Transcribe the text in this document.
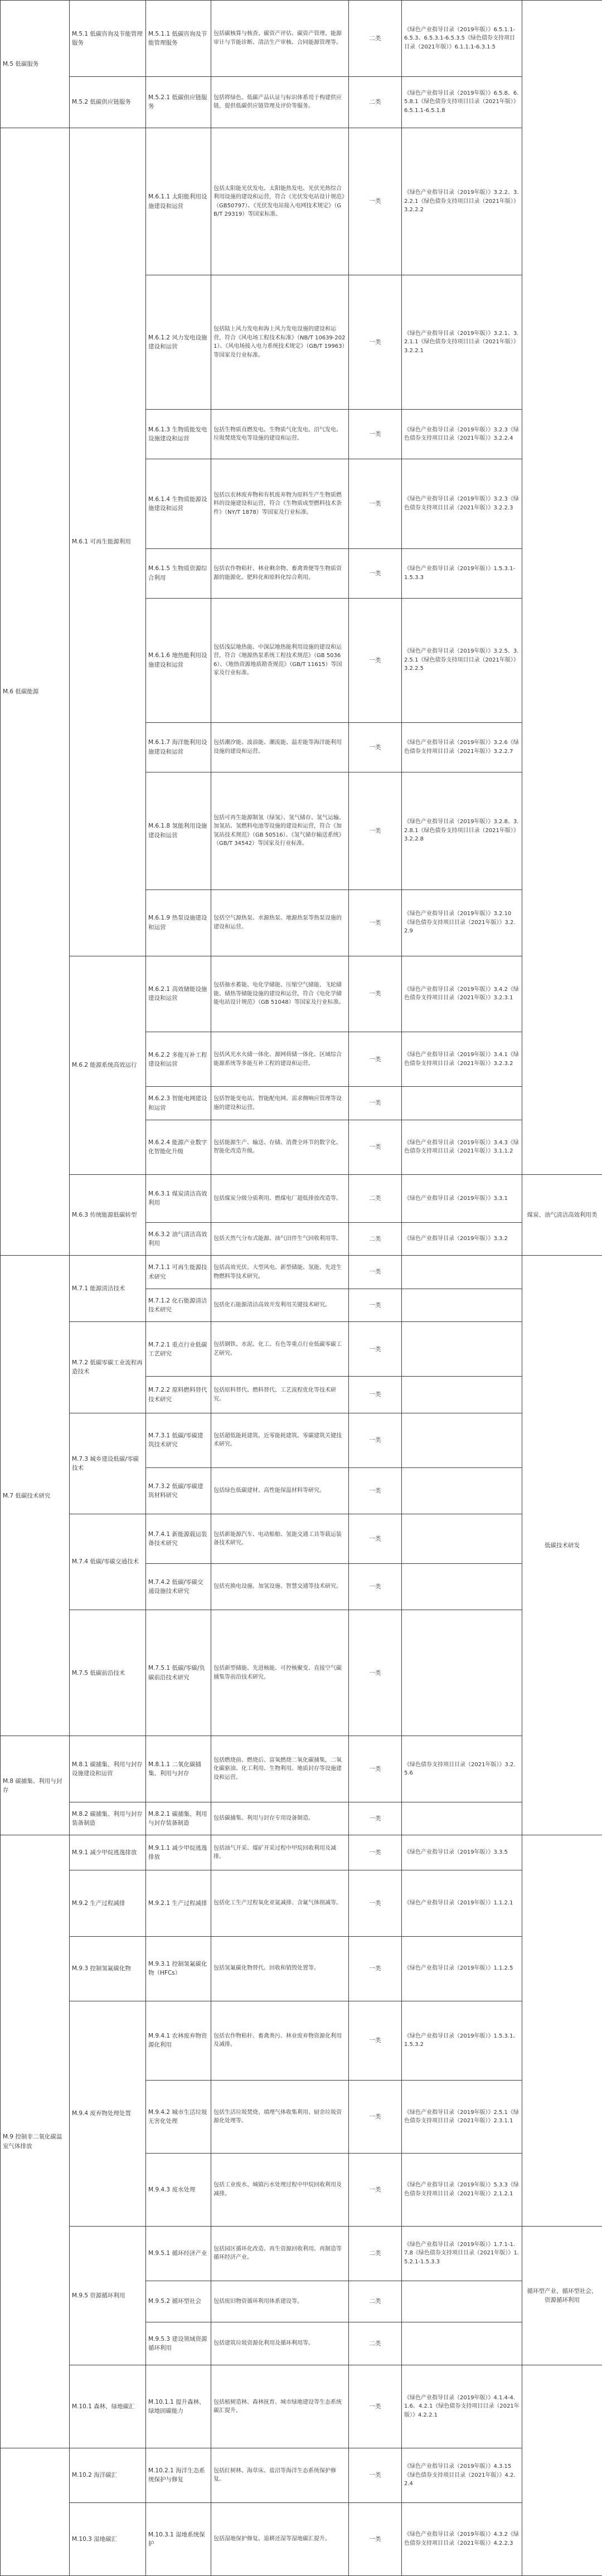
M.5 低碳服务	M.5.1 低碳咨询及节能管理服务	M.5.1.1 低碳咨询及节能管理服务	包括碳核算与核查、碳资产评估、碳资产管理、能源审计与节能诊断、清洁生产审核、合同能源管理等。	二类	《绿色产业指导目录（2019年版）》6.5.1.1-6.5.3、6.5.3.1-6.5.3.5《绿色债券支持项目目录（2021年版）》6.1.1.1-6.3.1.5	

	M.5.2 低碳供应链服务	M.5.2.1 低碳供应链服务	包括将绿色、低碳产品认证与标识体系用于构建供应链，提供低碳供应链管理及评价等服务。	二类	《绿色产业指导目录（2019年版）》6.5.8、6.5.8.1《绿色债券支持项目目录（2021年版）》6.5.1.1-6.5.1.8	

M.6 低碳能源	M.6.1 可再生能源利用	M.6.1.1 太阳能利用设施建设和运营	包括太阳能光伏发电、太阳能热发电、光伏光热综合利用设施的建设和运营，符合《光伏发电站设计规范》（GB50797）、《光伏发电站接入电网技术规定》（GB/T 29319）等国家标准。	一类	《绿色产业指导目录（2019年版）》3.2.2、3.2.2.1《绿色债券支持项目目录（2021年版）》3.2.2.2	

		M.6.1.2 风力发电设施建设和运营	包括陆上风力发电和海上风力发电设施的建设和运营，符合《风电场工程技术标准》（NB/T 10639-2021）、《风电场接入电力系统技术规定》（GB/T 19963）等国家及行业标准。	一类	《绿色产业指导目录（2019年版）》3.2.1、3.2.1.1《绿色债券支持项目目录（2021年版）》3.2.2.1	

		M.6.1.3 生物质能发电设施建设和运营	包括生物质直燃发电、生物质气化发电、沼气发电、垃圾焚烧发电等设施的建设和运营。	一类	《绿色产业指导目录（2019年版）》3.2.3《绿色债券支持项目目录（2021年版）》3.2.2.4	

		M.6.1.4 生物质能源设施建设和运营	包括以农林废弃物和有机废弃物为原料生产生物质燃料的设施建设和运营，符合《生物质成型燃料技术条件》（NY/T 1878）等国家及行业标准。	一类	《绿色产业指导目录（2019年版）》3.2.3《绿色债券支持项目目录（2021年版）》3.2.2.3	

		M.6.1.5 生物质资源综合利用	包括农作物秸秆、林业剩余物、畜禽粪便等生物质资源的能源化、肥料化和原料化综合利用。	一类	《绿色产业指导目录（2019年版）》1.5.3.1-1.5.3.3	

		M.6.1.6 地热能利用设施建设和运营	包括浅层地热能、中深层地热能利用设施的建设和运营，符合《地源热泵系统工程技术规范》（GB 50366）、《地热资源地质勘查规范》（GB/T 11615）等国家及行业标准。	一类	《绿色产业指导目录（2019年版）》3.2.5、3.2.5.1《绿色债券支持项目目录（2021年版）》3.2.2.5	

		M.6.1.7 海洋能利用设施建设和运营	包括潮汐能、波浪能、潮流能、温差能等海洋能利用设施的建设和运营。	一类	《绿色产业指导目录（2019年版）》3.2.6《绿色债券支持项目目录（2021年版）》3.2.2.7	

		M.6.1.8 氢能利用设施建设和运营	包括可再生能源制氢（绿氢）、氢气储存、氢气运输、加氢站、氢燃料电池等设施的建设和运营，符合《加氢站技术规范》（GB 50516）、《氢气储存输送系统》（GB/T 34542）等国家及行业标准。	一类	《绿色产业指导目录（2019年版）》3.2.8、3.2.8.1《绿色债券支持项目目录（2021年版）》3.2.2.8	

		M.6.1.9 热泵设施建设和运营	包括空气源热泵、水源热泵、地源热泵等热泵设施的建设和运营。	一类	《绿色产业指导目录（2019年版）》3.2.10《绿色债券支持项目目录（2021年版）》3.2.2.9	

	M.6.2 能源系统高效运行	M.6.2.1 高效储能设施建设和运营	包括抽水蓄能、电化学储能、压缩空气储能、飞轮储能、储热等储能设施的建设和运营，符合《电化学储能电站设计规范》（GB 51048）等国家及行业标准。	一类	《绿色产业指导目录（2019年版）》3.4.2《绿色债券支持项目目录（2021年版）》3.2.3.1	

		M.6.2.2 多能互补工程建设和运营	包括风光水火储一体化、源网荷储一体化、区域综合能源系统等多能互补工程的建设和运营。	一类	《绿色产业指导目录（2019年版）》3.4.1《绿色债券支持项目目录（2021年版）》3.2.3.2	

		M.6.2.3 智能电网建设和运营	包括智能变电站、智能配电网、需求侧响应管理等设施的建设和运营。	一类		

		M.6.2.4 能源产业数字化智能化升级	包括能源生产、输送、存储、消费全环节的数字化、智能化改造升级。	一类	《绿色产业指导目录（2019年版）》3.4.3《绿色债券支持项目目录（2021年版）》3.1.1.2	

	M.6.3 传统能源低碳转型	M.6.3.1 煤炭清洁高效利用	包括煤炭分级分质利用、燃煤电厂超低排放改造等。	二类	《绿色产业指导目录（2019年版）》3.3.1	煤炭、油气清洁高效利用类

		M.6.3.2 油气清洁高效利用	包括天然气分布式能源、油气田伴生气回收利用等。	二类	《绿色产业指导目录（2019年版）》3.3.2	

M.7 低碳技术研究	M.7.1 能源清洁技术	M.7.1.1 可再生能源技术研究	包括高效光伏、大型风电、新型储能、氢能、先进生物燃料等技术研究。	一类		低碳技术研发

		M.7.1.2 化石能源清洁技术研究	包括化石能源清洁高效开发利用关键技术研究。	一类		

	M.7.2 低碳零碳工业流程再造技术	M.7.2.1 重点行业低碳工艺研究	包括钢铁、水泥、化工、有色等重点行业低碳零碳工艺研究。	一类		

		M.7.2.2 原料燃料替代技术研究	包括原料替代、燃料替代、工艺流程优化等技术研究。	一类		

	M.7.3 城乡建设低碳/零碳技术	M.7.3.1 低碳/零碳建筑技术研究	包括超低能耗建筑、近零能耗建筑、零碳建筑关键技术研究。	一类		

		M.7.3.2 低碳/零碳建筑材料研究	包括绿色低碳建材、高性能保温材料等研究。	一类		

	M.7.4 低碳/零碳交通技术	M.7.4.1 新能源载运装备技术研究	包括新能源汽车、电动船舶、氢能交通工具等载运装备技术研究。	一类		

		M.7.4.2 低碳/零碳交通设施技术研究	包括充换电设施、加氢设施、智慧交通等技术研究。	一类		

	M.7.5 低碳前沿技术	M.7.5.1 低碳/零碳/负碳前沿技术研究	包括新型储能、先进核能、可控核聚变、直接空气碳捕集等前沿技术研究。	一类		

M.8 碳捕集、利用与封存	M.8.1 碳捕集、利用与封存设施建设和运营	M.8.1.1 二氧化碳捕集、利用与封存	包括燃烧前、燃烧后、富氧燃烧二氧化碳捕集，二氧化碳驱油、化工利用、生物利用、地质封存等设施建设和运营。	一类	《绿色债券支持项目目录（2021年版）》3.2.5.6	

	M.8.2 碳捕集、利用与封存装备制造	M.8.2.1 碳捕集、利用与封存装备制造	包括碳捕集、利用与封存专用设备制造。	一类		

M.9 控制非二氧化碳温室气体排放	M.9.1 减少甲烷逃逸排放	M.9.1.1 减少甲烷逃逸排放	包括油气开采、煤矿开采过程中甲烷回收利用及减排。	一类	《绿色产业指导目录（2019年版）》3.3.5	

	M.9.2 生产过程减排	M.9.2.1 生产过程减排	包括化工生产过程氧化亚氮减排、含氟气体削减等。	一类	《绿色产业指导目录（2019年版）》1.1.2.1	

	M.9.3 控制氢氟碳化物	M.9.3.1 控制氢氟碳化物（HFCs）	包括氢氟碳化物替代、回收和销毁处置等。	一类	《绿色产业指导目录（2019年版）》1.1.2.5	

	M.9.4 废弃物处理处置	M.9.4.1 农林废弃物资源化利用	包括农作物秸秆、畜禽粪污、林业废弃物资源化利用及减排。	一类	《绿色产业指导目录（2019年版）》1.5.3.1、1.5.3.2	

		M.9.4.2 城市生活垃圾无害化处理	包括生活垃圾焚烧、填埋气体收集利用、厨余垃圾资源化处理等。	一类	《绿色产业指导目录（2019年版）》2.5.1《绿色债券支持项目目录（2021年版）》2.3.1.1	

		M.9.4.3 废水处理	包括工业废水、城镇污水处理过程中甲烷回收利用及减排。	一类	《绿色产业指导目录（2019年版）》5.3.3《绿色债券支持项目目录（2021年版）》2.1.2.1	

	M.9.5 资源循环利用	M.9.5.1 循环经济产业	包括园区循环化改造、再生资源回收利用、再制造等循环经济产业。	二类	《绿色产业指导目录（2019年版）》1.7.1-1.7.8《绿色债券支持项目目录（2021年版）》1.5.2.1-1.5.3.3	循环型产业、循环型社会、资源循环利用

		M.9.5.2 循环型社会	包括废旧物资循环利用体系建设等。	二类		

		M.9.5.3 建设领域资源循环利用	包括建筑垃圾资源化利用及循环利用等。	二类		

	M.10.1 森林、绿地碳汇	M.10.1.1 提升森林、绿地固碳能力	包括植树造林、森林抚育、城市绿地建设等生态系统碳汇提升。	一类	《绿色产业指导目录（2019年版）》4.1.4-4.1.6、4.2.1《绿色债券支持项目目录（2021年版）》4.2.2.1	

	M.10.2 海洋碳汇	M.10.2.1 海洋生态系统保护与修复	包括红树林、海草床、盐沼等海洋生态系统保护修复。	一类	《绿色产业指导目录（2019年版）》4.3.15《绿色债券支持项目目录（2021年版）》4.2.2.4	

	M.10.3 湿地碳汇	M.10.3.1 湿地系统保护	包括湿地保护修复、退耕还湿等湿地碳汇提升。	一类	《绿色产业指导目录（2019年版）》4.3.2《绿色债券支持项目目录（2021年版）》4.2.2.3	
